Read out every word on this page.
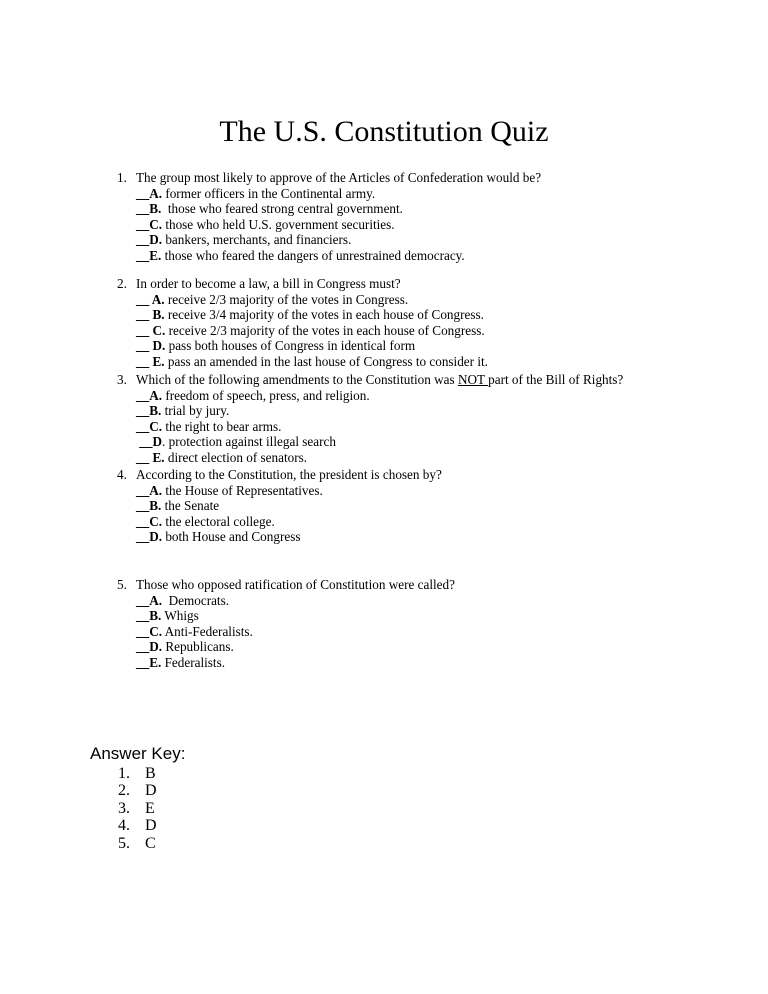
The U.S. Constitution Quiz
1. The group most likely to approve of the Articles of Confederation would be?
__A. former officers in the Continental army.
__B.  those who feared strong central government.
__C. those who held U.S. government securities.
__D. bankers, merchants, and financiers.
__E. those who feared the dangers of unrestrained democracy.
2. In order to become a law, a bill in Congress must?
__ A. receive 2/3 majority of the votes in Congress.
__ B. receive 3/4 majority of the votes in each house of Congress.
__ C. receive 2/3 majority of the votes in each house of Congress.
__ D. pass both houses of Congress in identical form
__ E. pass an amended in the last house of Congress to consider it.
3. Which of the following amendments to the Constitution was NOT part of the Bill of Rights?
__A. freedom of speech, press, and religion.
__B. trial by jury.
__C. the right to bear arms.
__D. protection against illegal search
__ E. direct election of senators.
4. According to the Constitution, the president is chosen by?
__A. the House of Representatives.
__B. the Senate
__C. the electoral college.
__D. both House and Congress
5. Those who opposed ratification of Constitution were called?
__A.  Democrats.
__B. Whigs
__C. Anti-Federalists.
__D. Republicans.
__E. Federalists.
Answer Key:
1. B
2. D
3. E
4. D
5. C
